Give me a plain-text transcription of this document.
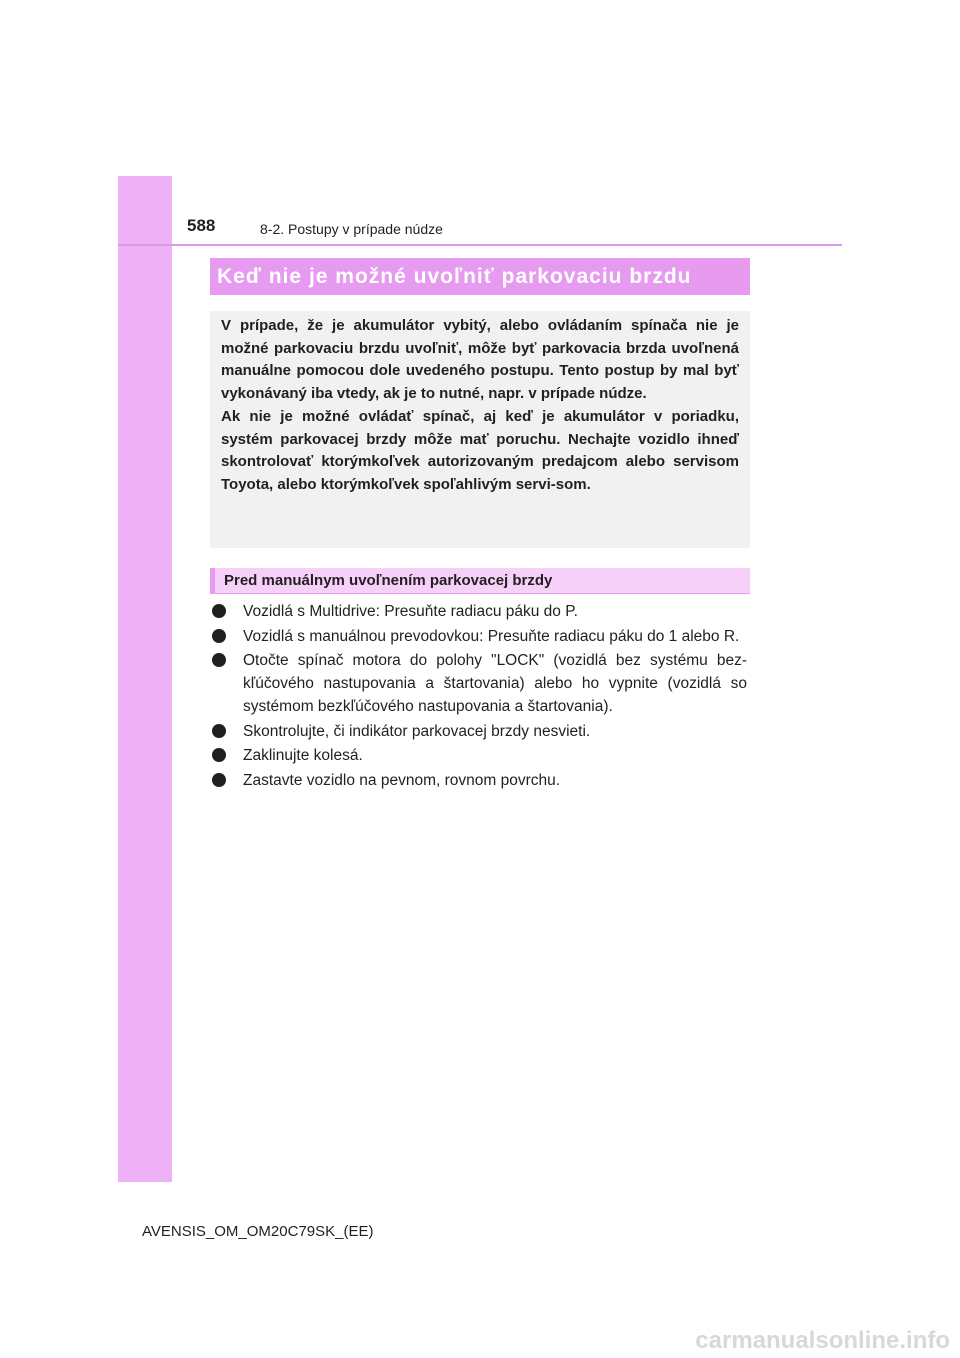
588	8-2. Postupy v prípade núdze
Keď nie je možné uvoľniť parkovaciu brzdu

V prípade, že je akumulátor vybitý, alebo ovládaním spínača nie je možné parkovaciu brzdu uvoľniť, môže byť parkovacia brzda uvoľnená manuálne pomocou dole uvedeného postupu. Tento postup by mal byť vykonávaný iba vtedy, ak je to nutné, napr. v prípade núdze.

Ak nie je možné ovládať spínač, aj keď je akumulátor v poriadku, systém parkovacej brzdy môže mať poruchu. Nechajte vozidlo ihneď skontrolovať ktorýmkoľvek autorizovaným predajcom alebo servisom Toyota, alebo ktorýmkoľvek spoľahlivým servi-som.

Pred manuálnym uvoľnením parkovacej brzdy
Vozidlá s Multidrive: Presuňte radiacu páku do P.
Vozidlá s manuálnou prevodovkou: Presuňte radiacu páku do 1 alebo R.
Otočte spínač motora do polohy "LOCK" (vozidlá bez systému bez-kľúčového nastupovania a štartovania) alebo ho vypnite (vozidlá so systémom bezkľúčového nastupovania a štartovania).
Skontrolujte, či indikátor parkovacej brzdy nesvieti.
Zaklinujte kolesá.
Zastavte vozidlo na pevnom, rovnom povrchu.
AVENSIS_OM_OM20C79SK_(EE)
carmanualsonline.info
